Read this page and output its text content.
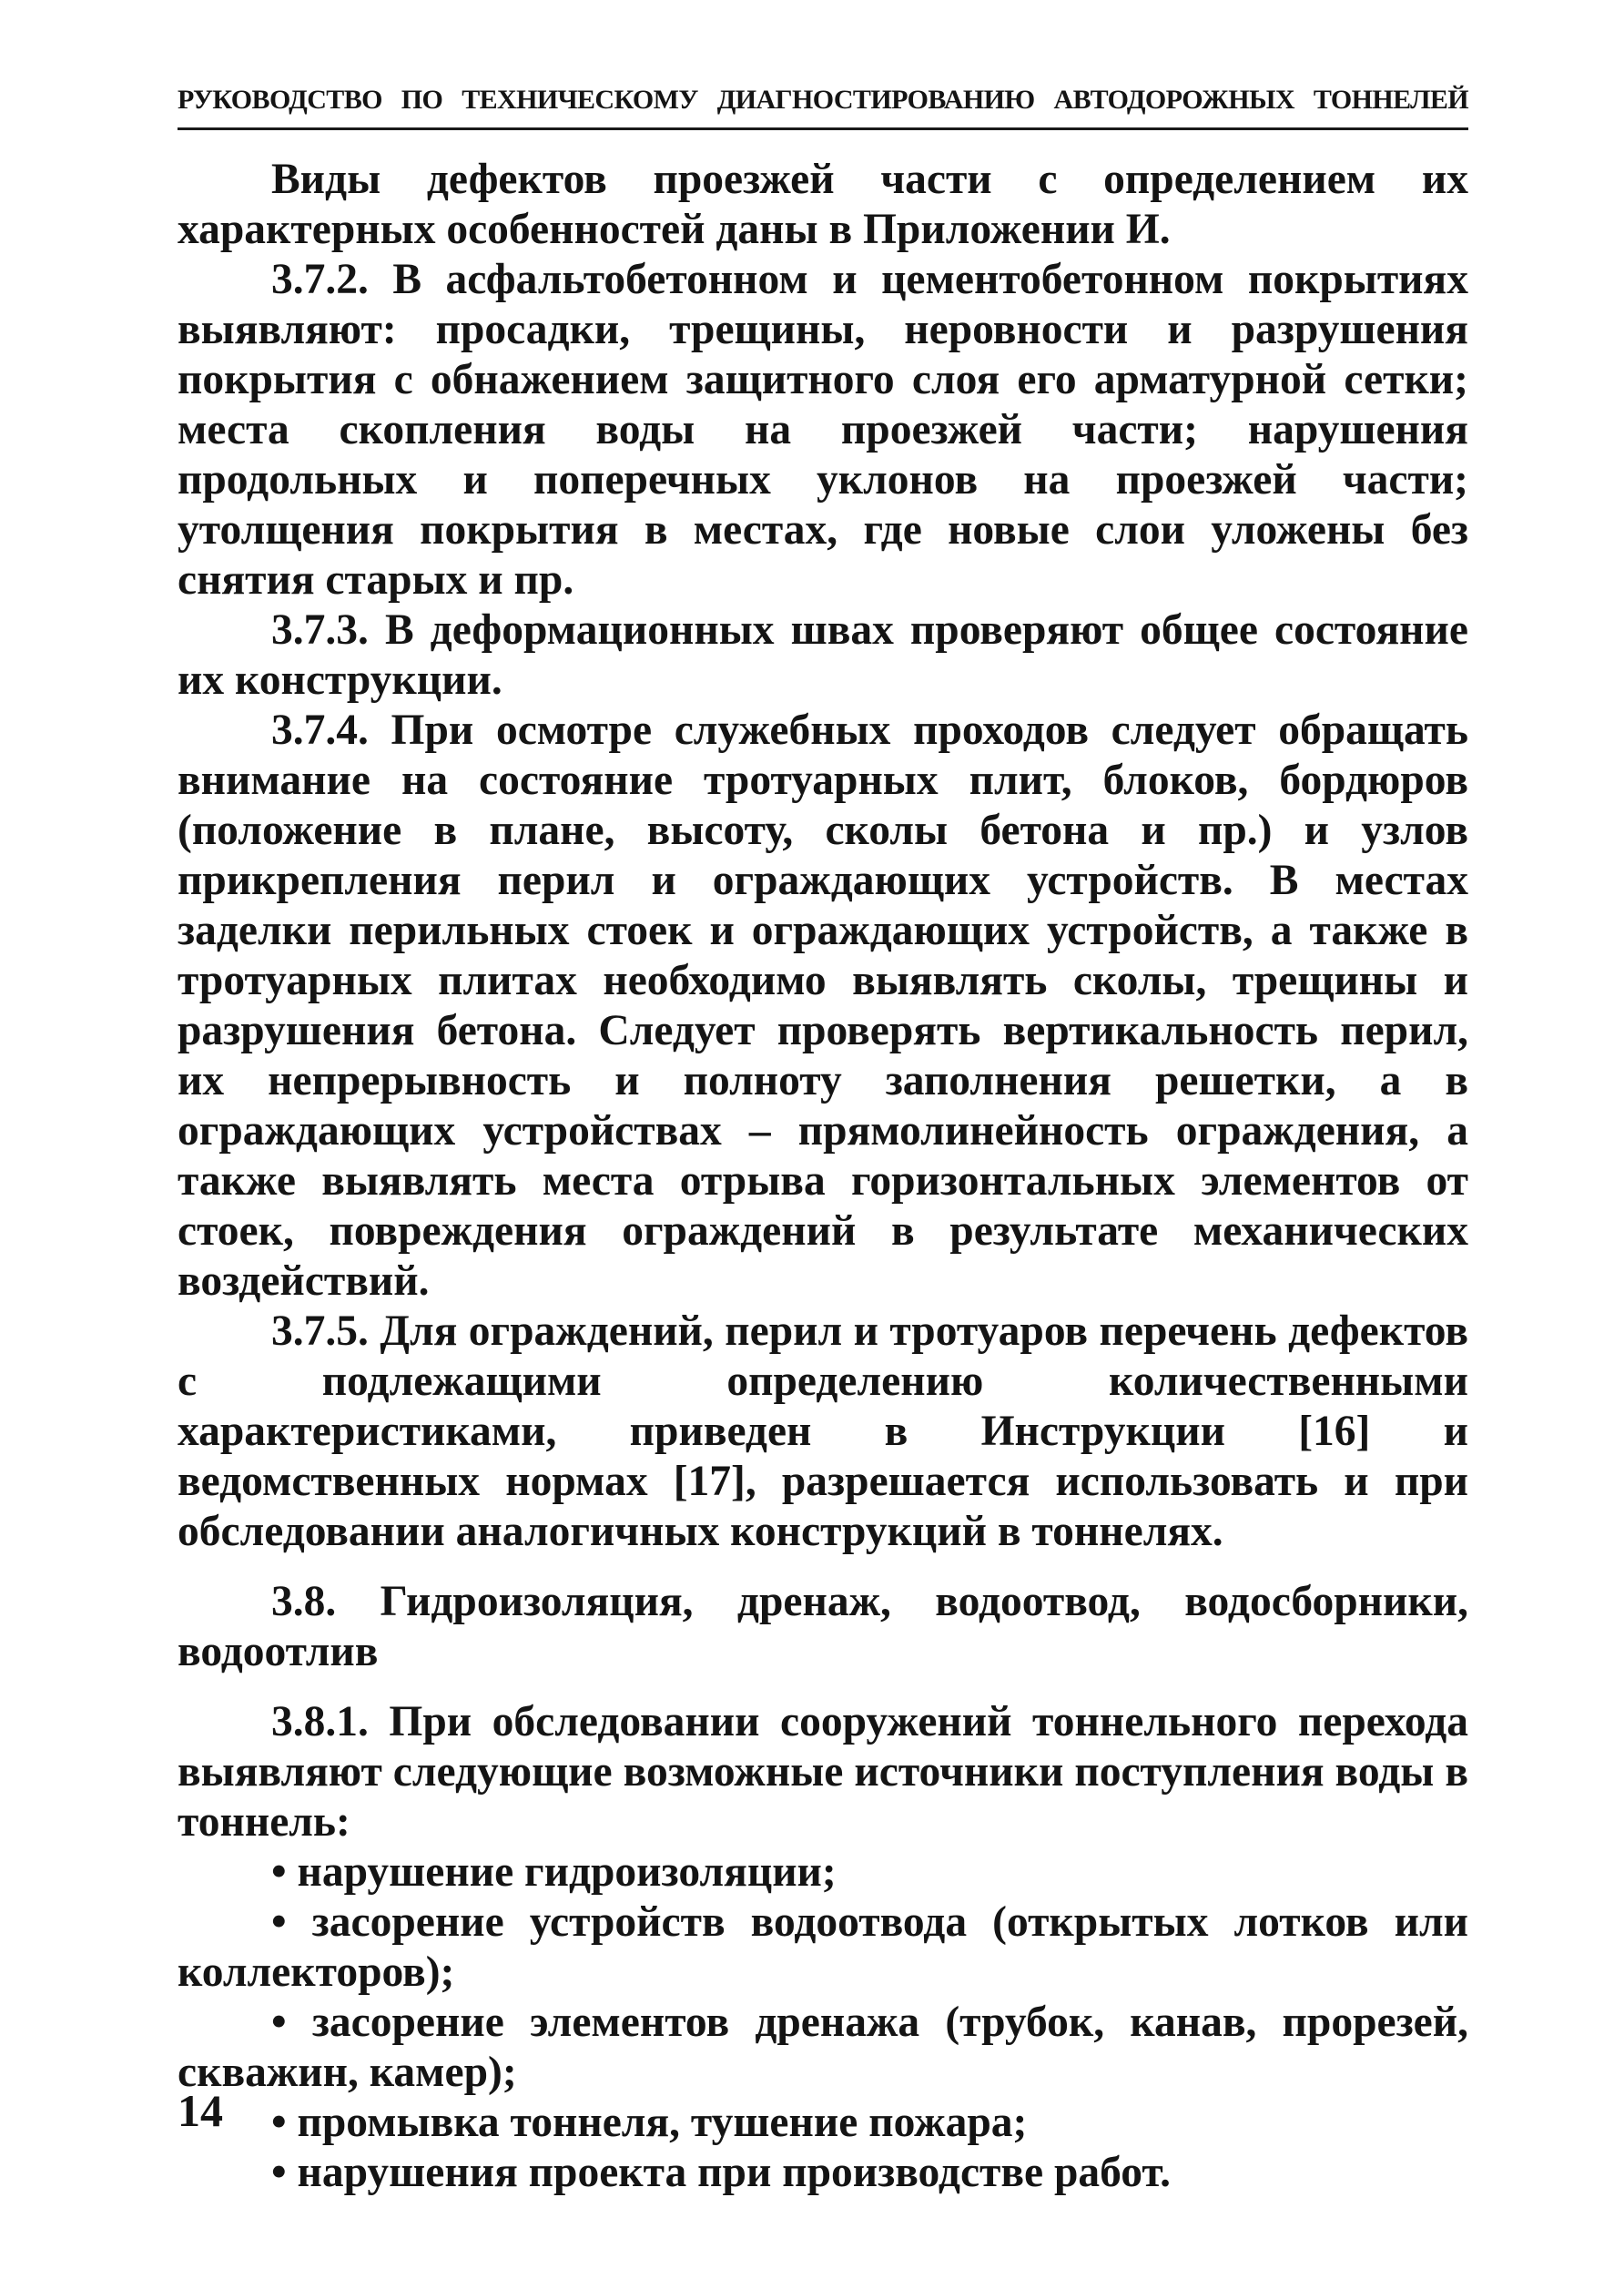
РУКОВОДСТВО ПО ТЕХНИЧЕСКОМУ ДИАГНОСТИРОВАНИЮ АВТОДОРОЖНЫХ ТОННЕЛЕЙ

Виды дефектов проезжей части с определением их характерных особенностей даны в Приложении И.

3.7.2. В асфальтобетонном и цементобетонном покрытиях выявляют: просадки, трещины, неровности и разрушения покрытия с обнажением защитного слоя его арматурной сетки; места скопления воды на проезжей части; нарушения продольных и поперечных уклонов на проезжей части; утолщения покрытия в местах, где новые слои уложены без снятия старых и пр.

3.7.3. В деформационных швах проверяют общее состояние их конструкции.

3.7.4. При осмотре служебных проходов следует обращать внимание на состояние тротуарных плит, блоков, бордюров (положение в плане, высоту, сколы бетона и пр.) и узлов прикрепления перил и ограждающих устройств. В местах заделки перильных стоек и ограждающих устройств, а также в тротуарных плитах необходимо выявлять сколы, трещины и разрушения бетона. Следует проверять вертикальность перил, их непрерывность и полноту заполнения решетки, а в ограждающих устройствах – прямолинейность ограждения, а также выявлять места отрыва горизонтальных элементов от стоек, повреждения ограждений в результате механических воздействий.

3.7.5. Для ограждений, перил и тротуаров перечень дефектов с подлежащими определению количественными характеристиками, приведен в Инструкции [16] и ведомственных нормах [17], разрешается использовать и при обследовании аналогичных конструкций в тоннелях.

3.8. Гидроизоляция, дренаж, водоотвод, водосборники, водоотлив

3.8.1. При обследовании сооружений тоннельного перехода выявляют следующие возможные источники поступления воды в тоннель:

• нарушение гидроизоляции;

• засорение устройств водоотвода (открытых лотков или коллекторов);

• засорение элементов дренажа (трубок, канав, прорезей, скважин, камер);

• промывка тоннеля, тушение пожара;

• нарушения проекта при производстве работ.

14
